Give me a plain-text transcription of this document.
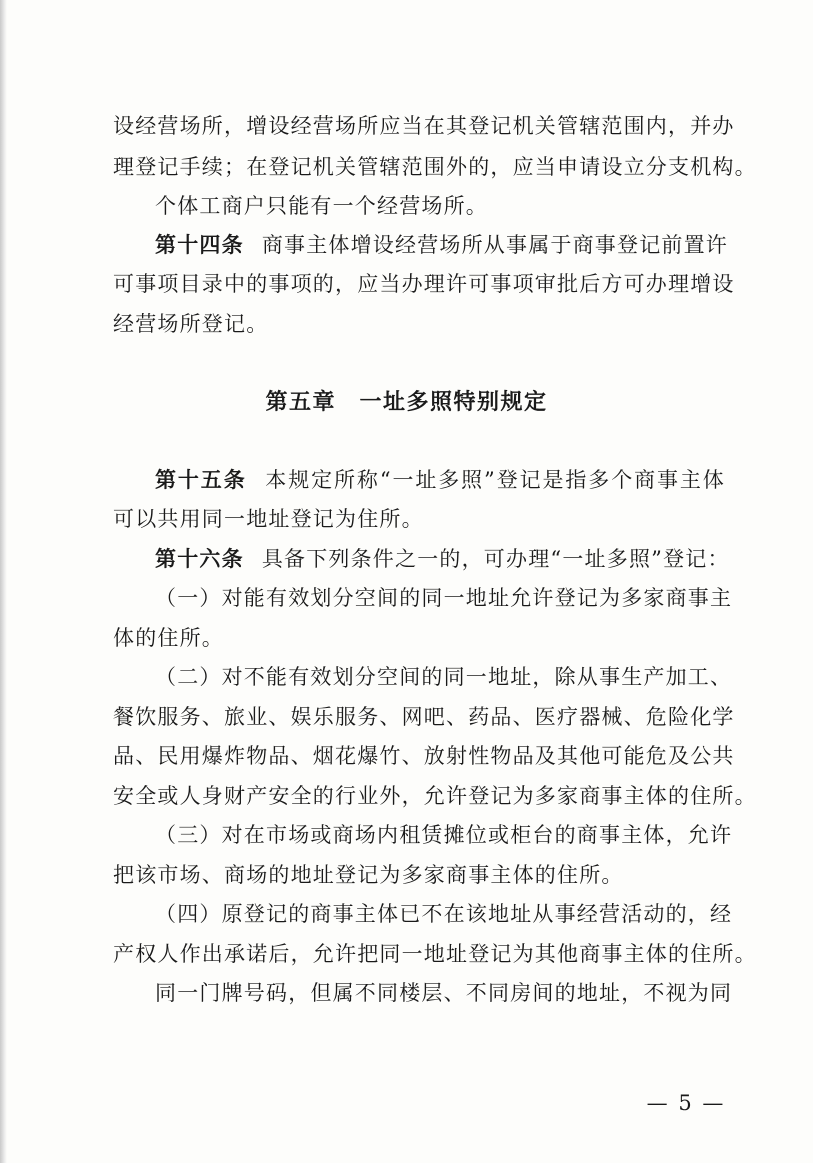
设经营场所，增设经营场所应当在其登记机关管辖范围内，并办
理登记手续；在登记机关管辖范围外的，应当申请设立分支机构。
个体工商户只能有一个经营场所。
第十四条 商事主体增设经营场所从事属于商事登记前置许
可事项目录中的事项的，应当办理许可事项审批后方可办理增设
经营场所登记。
第五章　一址多照特别规定
第十五条 本规定所称“一址多照”登记是指多个商事主体
可以共用同一地址登记为住所。
第十六条 具备下列条件之一的，可办理“一址多照”登记：
（一）对能有效划分空间的同一地址允许登记为多家商事主
体的住所。
（二）对不能有效划分空间的同一地址，除从事生产加工、
餐饮服务、旅业、娱乐服务、网吧、药品、医疗器械、危险化学
品、民用爆炸物品、烟花爆竹、放射性物品及其他可能危及公共
安全或人身财产安全的行业外，允许登记为多家商事主体的住所。
（三）对在市场或商场内租赁摊位或柜台的商事主体，允许
把该市场、商场的地址登记为多家商事主体的住所。
（四）原登记的商事主体已不在该地址从事经营活动的，经
产权人作出承诺后，允许把同一地址登记为其他商事主体的住所。
同一门牌号码，但属不同楼层、不同房间的地址，不视为同
— 5 —
